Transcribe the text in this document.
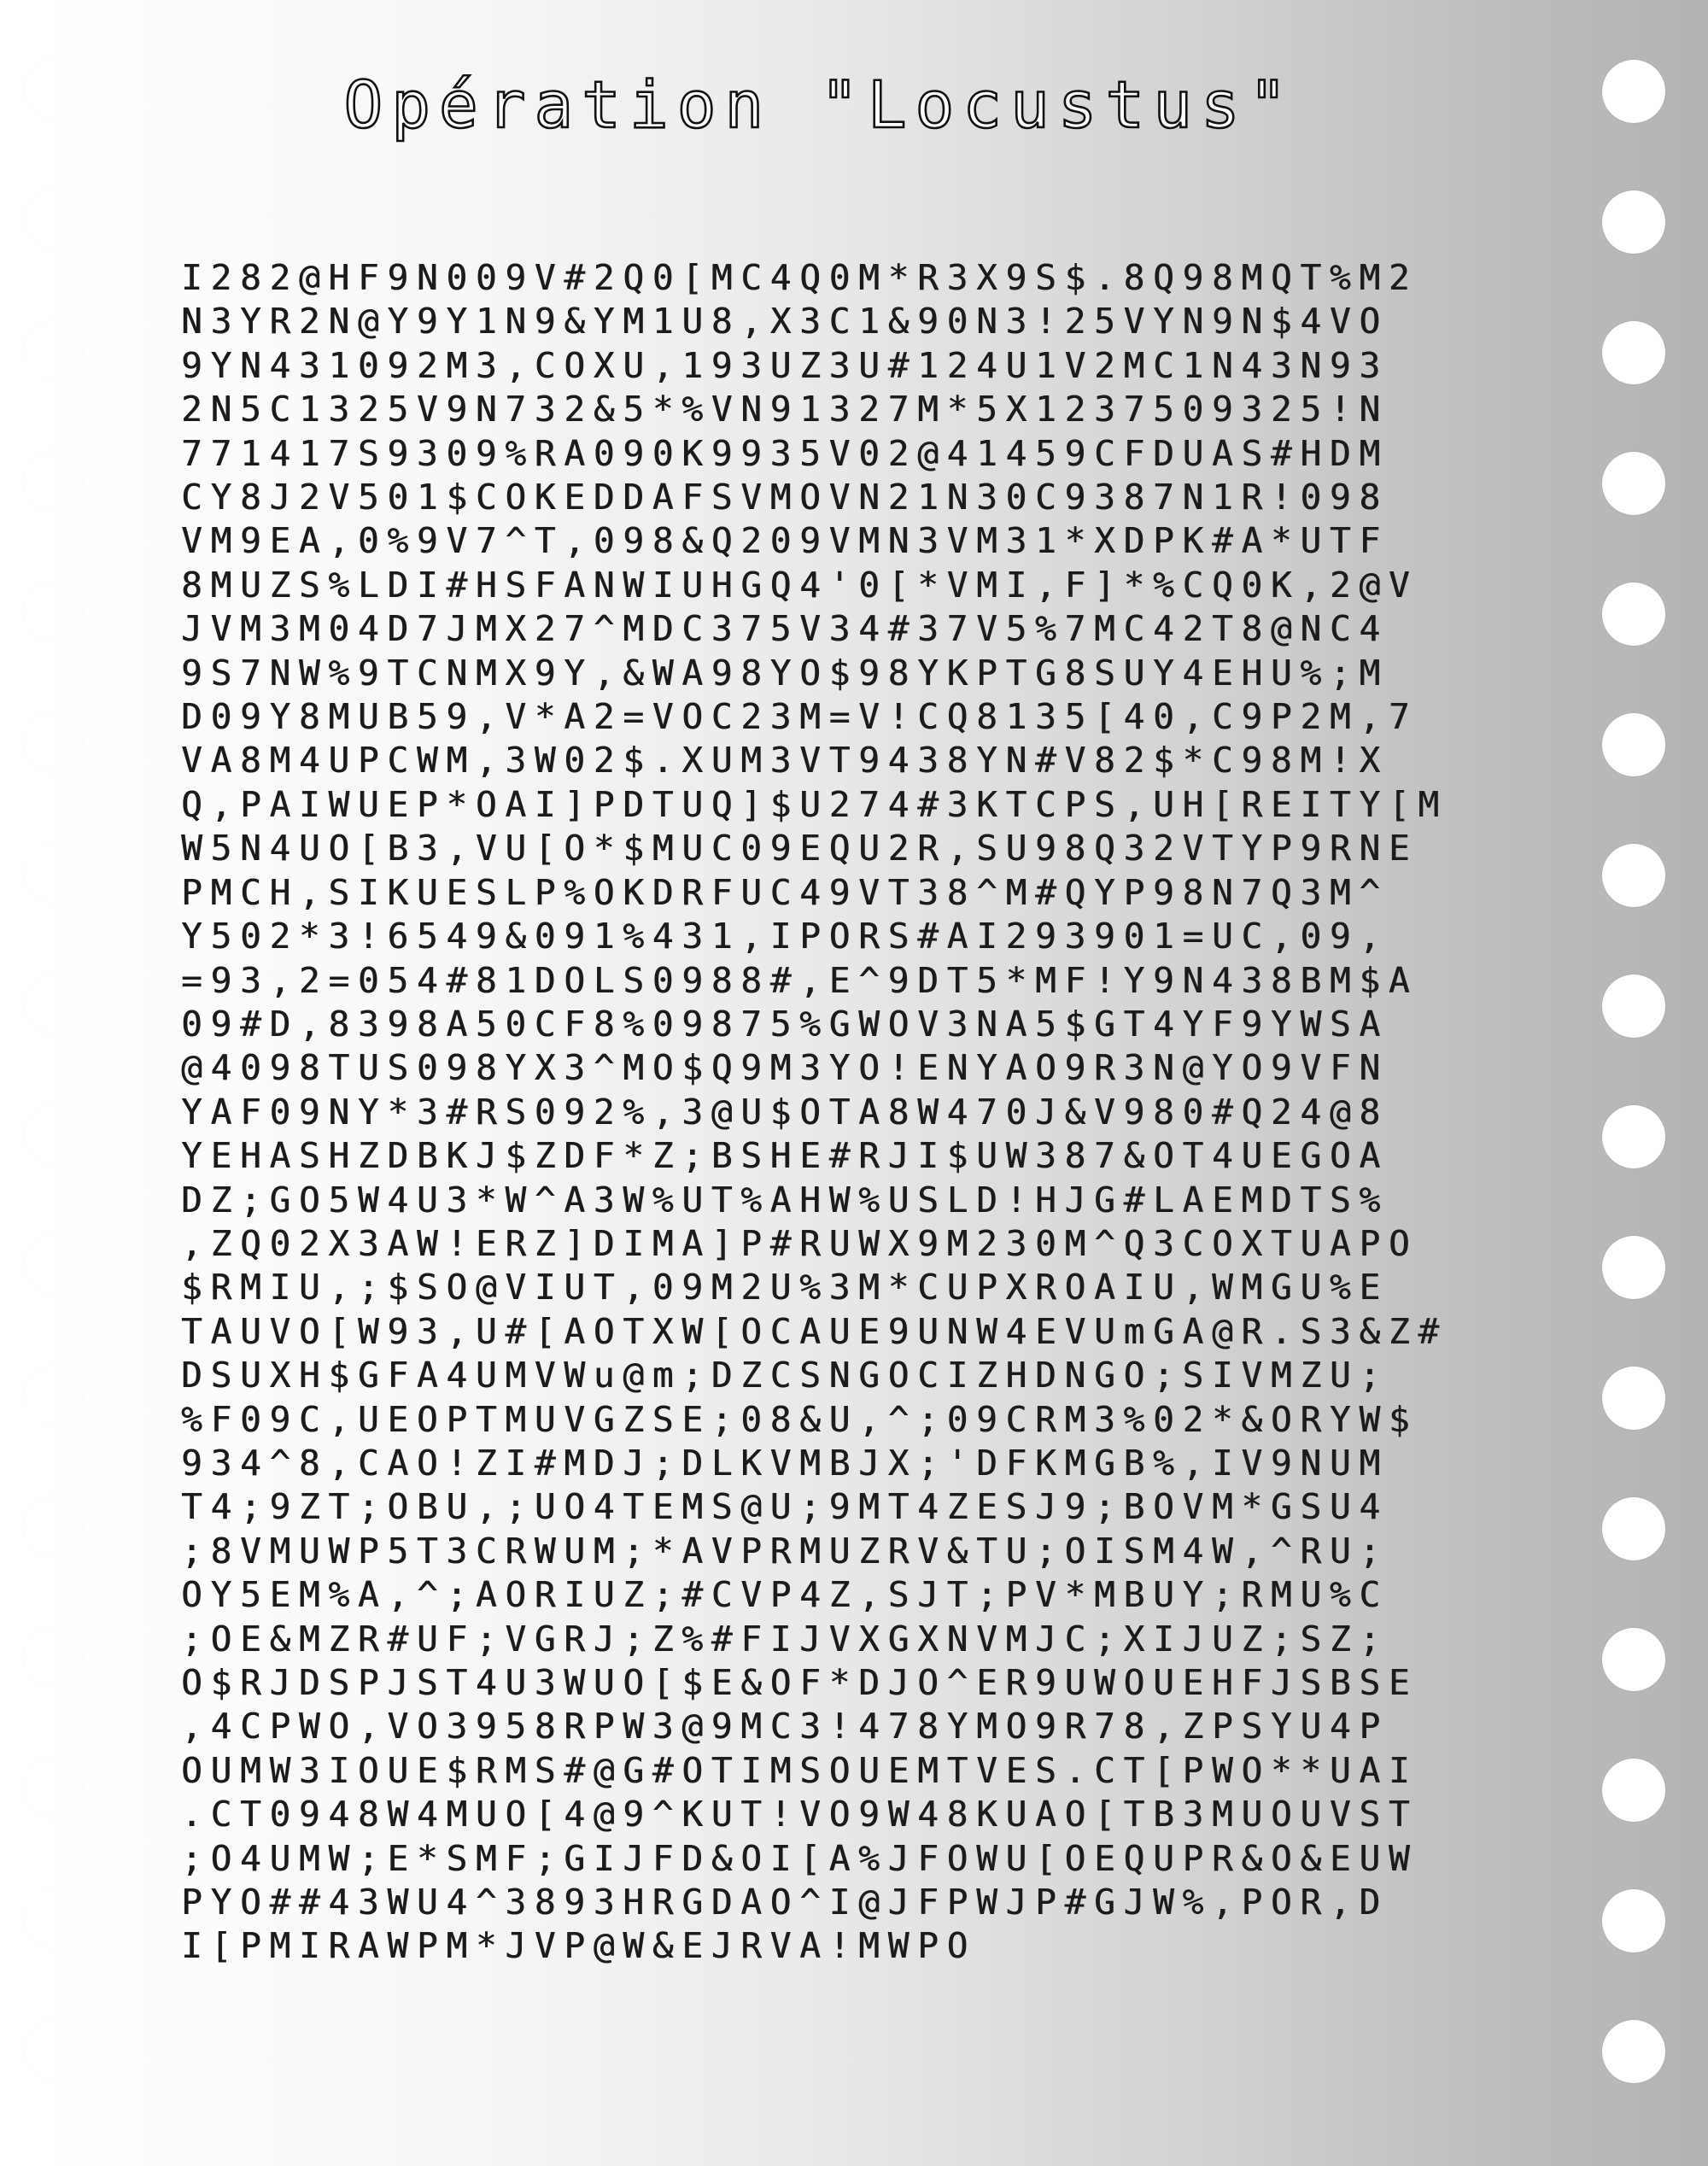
Opération "Locustus"
I282@HF9N009V#2Q0[MC4Q0M*R3X9S$.8Q98MQT%M2
N3YR2N@Y9Y1N9&YM1U8,X3C1&90N3!25VYN9N$4VO
9YN431092M3,COXU,193UZ3U#124U1V2MC1N43N93
2N5C1325V9N732&5*%VN91327M*5X1237509325!N
771417S9309%RA090K9935V02@41459CFDUAS#HDM
CY8J2V501$COKEDDAFSVMOVN21N30C9387N1R!098
VM9EA,0%9V7^T,098&Q209VMN3VM31*XDPK#A*UTF
8MUZS%LDI#HSFANWIUHGQ4'0[*VMI,F]*%CQ0K,2@V
JVM3M04D7JMX27^MDC375V34#37V5%7MC42T8@NC4
9S7NW%9TCNMX9Y,&WA98YO$98YKPTG8SUY4EHU%;M
D09Y8MUB59,V*A2=VOC23M=V!CQ8135[40,C9P2M,7
VA8M4UPCWM,3W02$.XUM3VT9438YN#V82$*C98M!X
Q,PAIWUEP*OAI]PDTUQ]$U274#3KTCPS,UH[REITY[M
W5N4UO[B3,VU[O*$MUC09EQU2R,SU98Q32VTYP9RNE
PMCH,SIKUESLP%OKDRFUC49VT38^M#QYP98N7Q3M^
Y502*3!6549&091%431,IPORS#AI293901=UC,09,
=93,2=054#81DOLS0988#,E^9DT5*MF!Y9N438BM$A
09#D,8398A50CF8%09875%GWOV3NA5$GT4YF9YWSA
@4098TUS098YX3^MO$Q9M3YO!ENYAO9R3N@YO9VFN
YAF09NY*3#RS092%,3@U$OTA8W470J&V980#Q24@8
YEHASHZDBKJ$ZDF*Z;BSHE#RJI$UW387&OT4UEGOA
DZ;GO5W4U3*W^A3W%UT%AHW%USLD!HJG#LAEMDTS%
,ZQ02X3AW!ERZ]DIMA]P#RUWX9M230M^Q3COXTUAPO
$RMIU,;$SO@VIUT,09M2U%3M*CUPXROAIU,WMGU%E
TAUVO[W93,U#[AOTXW[OCAUE9UNW4EVUmGA@R.S3&Z#
DSUXH$GFA4UMVWu@m;DZCSNGOCIZHDNGO;SIVMZU;
%F09C,UEOPTMUVGZSE;08&U,^;09CRM3%02*&ORYW$
934^8,CAO!ZI#MDJ;DLKVMBJX;'DFKMGB%,IV9NUM
T4;9ZT;OBU,;UO4TEMS@U;9MT4ZESJ9;BOVM*GSU4
;8VMUWP5T3CRWUM;*AVPRMUZRV&TU;OISM4W,^RU;
OY5EM%A,^;AORIUZ;#CVP4Z,SJT;PV*MBUY;RMU%C
;OE&MZR#UF;VGRJ;Z%#FIJVXGXNVMJC;XIJUZ;SZ;
O$RJDSPJST4U3WUO[$E&OF*DJO^ER9UWOUEHFJSBSE
,4CPWO,VO3958RPW3@9MC3!478YMO9R78,ZPSYU4P
OUMW3IOUE$RMS#@G#OTIMSOUEMTVES.CT[PWO**UAI
.CT0948W4MUO[4@9^KUT!VO9W48KUAO[TB3MUOUVST
;O4UMW;E*SMF;GIJFD&OI[A%JFOWU[OEQUPR&O&EUW
PYO##43WU4^3893HRGDAO^I@JFPWJP#GJW%,POR,D
I[PMIRAWPM*JVP@W&EJRVA!MWPO
